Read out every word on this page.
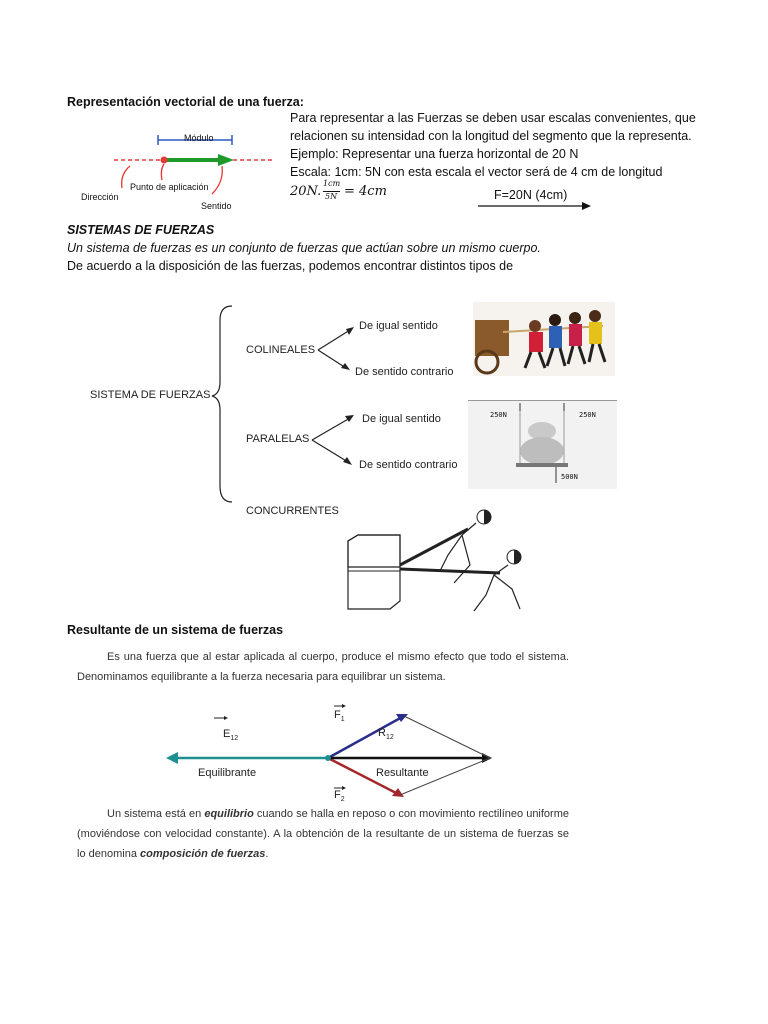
Representación vectorial de una fuerza:
Módulo
Dirección
Punto de aplicación
Sentido
Para representar a las Fuerzas se deben usar escalas convenientes, que
relacionen su intensidad con la longitud del segmento que la representa.
Ejemplo: Representar una fuerza horizontal de 20 N
Escala: 1cm: 5N con esta escala el vector será de 4 cm de longitud
20N.
1cm
5N = 4cm	F=20N (4cm)
SISTEMAS DE FUERZAS
Un sistema de fuerzas es un conjunto de fuerzas que actúan sobre un mismo cuerpo.
De acuerdo a la disposición de las fuerzas, podemos encontrar distintos tipos de
SISTEMA DE FUERZAS
COLINEALES
De igual sentido
De sentido contrario
PARALELAS
De igual sentido
De sentido contrario
CONCURRENTES
250N	250N
500N
Resultante de un sistema de fuerzas
Es una fuerza que al estar aplicada al cuerpo, produce el mismo efecto que todo el sistema. Denominamos equilibrante a la fuerza necesaria para equilibrar un sistema.
$E_{12}$
$F_1$
$R_{12}$
Equilibrante	Resultante
$F_2$
Un sistema está en equilibrio cuando se halla en reposo o con movimiento rectilíneo uniforme (moviéndose con velocidad constante). A la obtención de la resultante de un sistema de fuerzas se lo denomina composición de fuerzas.
